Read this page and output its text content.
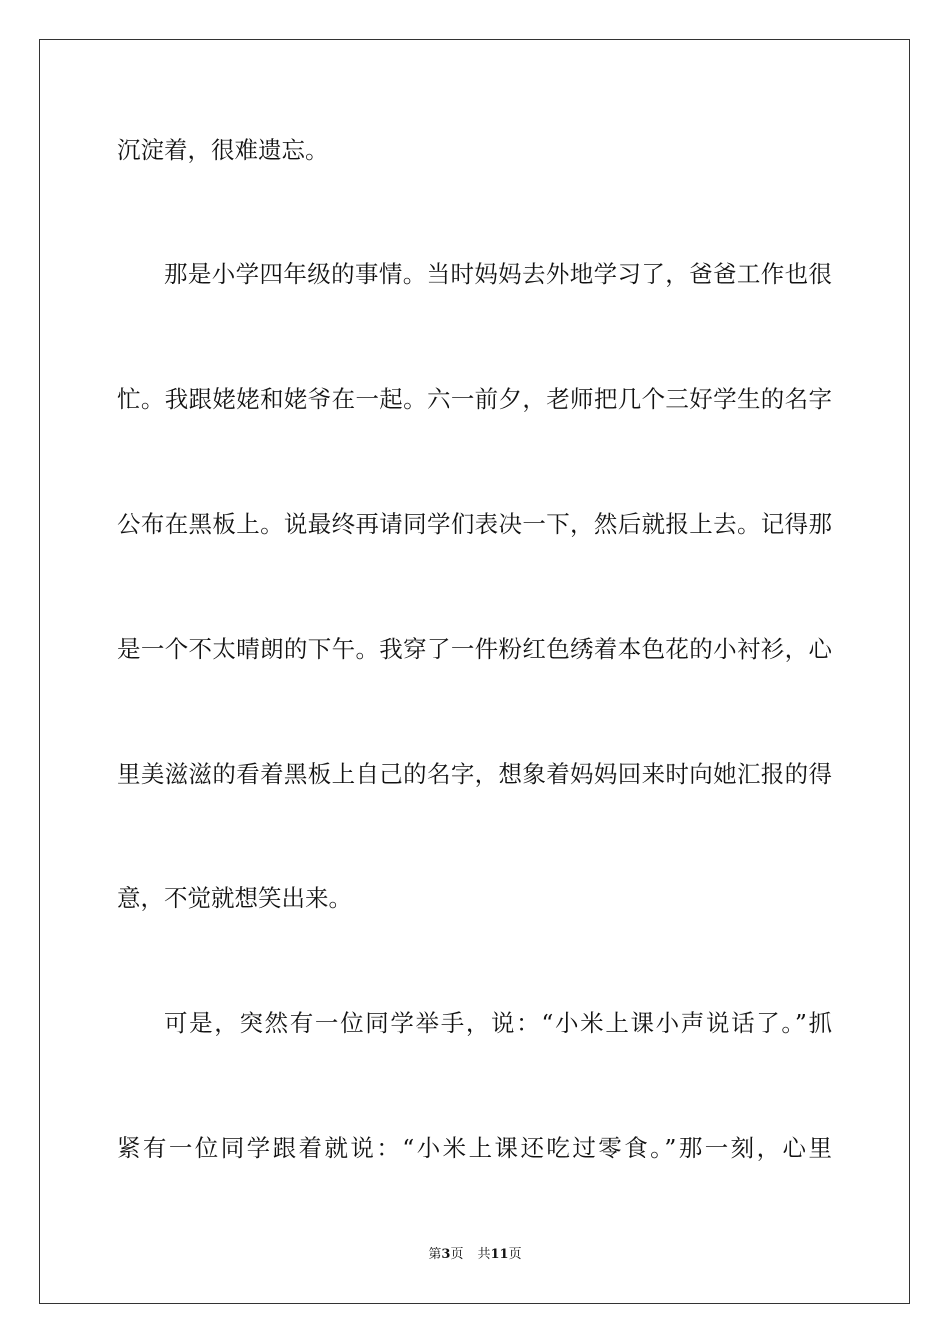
沉淀着，很难遗忘。
那是小学四年级的事情。当时妈妈去外地学习了，爸爸工作也很
忙。我跟姥姥和姥爷在一起。六一前夕，老师把几个三好学生的名字
公布在黑板上。说最终再请同学们表决一下，然后就报上去。记得那
是一个不太晴朗的下午。我穿了一件粉红色绣着本色花的小衬衫，心
里美滋滋的看着黑板上自己的名字，想象着妈妈回来时向她汇报的得
意，不觉就想笑出来。
可是，突然有一位同学举手，说：“小米上课小声说话了。”抓
紧有一位同学跟着就说：“小米上课还吃过零食。”那一刻，心里
第3页 共11页
